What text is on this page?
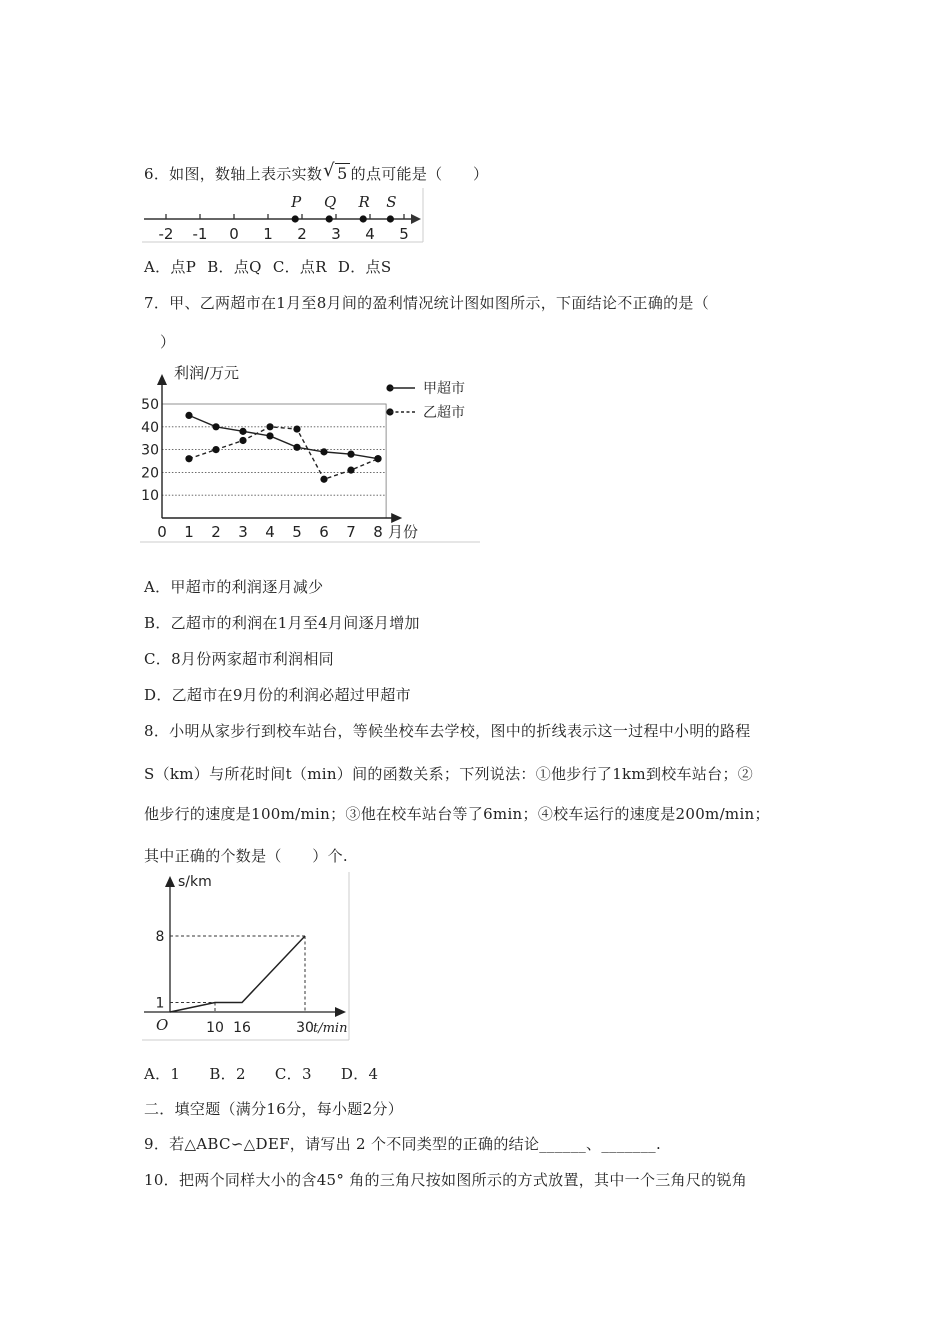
6．如图，数轴上表示实数 √ 5 的点可能是（　　）
-2 -1 0 1 2 3 4 5
P Q R S
A．点P B．点Q C．点R D．点S
7．甲、乙两超市在1月至8月间的盈利情况统计图如图所示，下面结论不正确的是（
）
利润/万元
月份
10
20
30
40
50
0 1 2 3 4 5 6 7 8
甲超市
乙超市
A．甲超市的利润逐月减少
B．乙超市的利润在1月至4月间逐月增加
C．8月份两家超市利润相同
D．乙超市在9月份的利润必超过甲超市
8．小明从家步行到校车站台，等候坐校车去学校，图中的折线表示这一过程中小明的路程
S（km）与所花时间t（min）间的函数关系；下列说法：①他步行了1km到校车站台；②
他步行的速度是100m/min；③他在校车站台等了6min；④校车运行的速度是200m/min；
其中正确的个数是（　　）个.
s/km
t/min
O
1
8
10 16	30
A．1 B．2 C．3 D．4
二．填空题（满分16分，每小题2分）
9．若△ABC∽△DEF，请写出 2 个不同类型的正确的结论______、_______.
10．把两个同样大小的含45° 角的三角尺按如图所示的方式放置，其中一个三角尺的锐角
